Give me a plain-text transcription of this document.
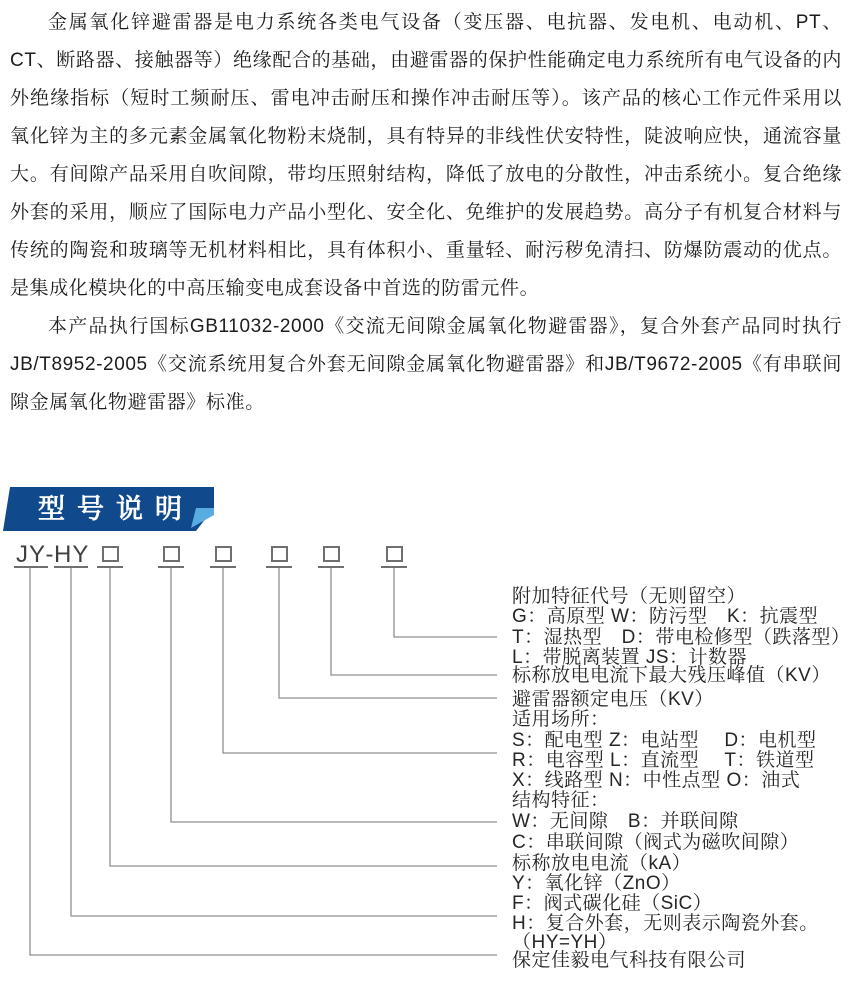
金属氧化锌避雷器是电力系统各类电气设备（变压器、电抗器、发电机、电动机、PT、CT、断路器、接触器等）绝缘配合的基础，由避雷器的保护性能确定电力系统所有电气设备的内外绝缘指标（短时工频耐压、雷电冲击耐压和操作冲击耐压等）。该产品的核心工作元件采用以氧化锌为主的多元素金属氧化物粉末烧制，具有特异的非线性伏安特性，陡波响应快，通流容量大。有间隙产品采用自吹间隙，带均压照射结构，降低了放电的分散性，冲击系统小。复合绝缘外套的采用，顺应了国际电力产品小型化、安全化、免维护的发展趋势。高分子有机复合材料与传统的陶瓷和玻璃等无机材料相比，具有体积小、重量轻、耐污秽免清扫、防爆防震动的优点。是集成化模块化的中高压输变电成套设备中首选的防雷元件。

本产品执行国标GB11032-2000《交流无间隙金属氧化物避雷器》，复合外套产品同时执行JB/T8952-2005《交流系统用复合外套无间隙金属氧化物避雷器》和JB/T9672-2005《有串联间隙金属氧化物避雷器》标准。

型号说明
JY - HY
附加特征代号（无则留空）
G：高原型 W：防污型　K：抗震型
T：湿热型　D：带电检修型（跌落型）
L：带脱离装置 JS：计数器
标称放电电流下最大残压峰值（KV）
避雷器额定电压（KV）
适用场所：
S：配电型 Z：电站型　 D：电机型
R：电容型 L：直流型　 T：铁道型
X：线路型 N：中性点型 O：油式
结构特征：
W：无间隙　B：并联间隙
C：串联间隙（阀式为磁吹间隙）
标称放电电流（kA）
Y：氧化锌（ZnO）
F：阀式碳化硅（SiC）
H：复合外套，无则表示陶瓷外套。
（HY=YH）
保定佳毅电气科技有限公司
